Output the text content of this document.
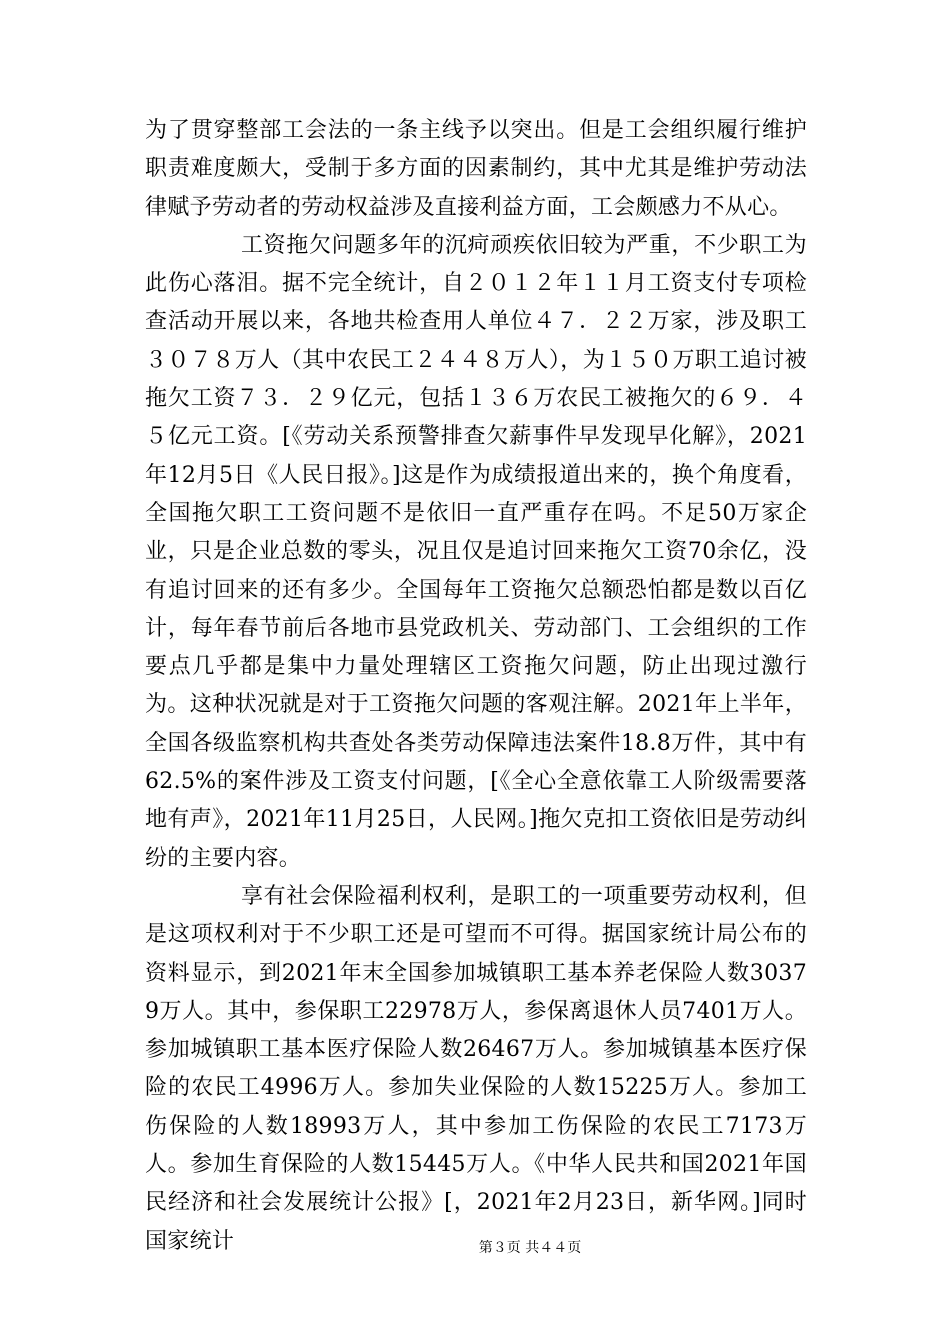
为了贯穿整部工会法的一条主线予以突出。但是工会组织履行维护职责难度颇大，受制于多方面的因素制约，其中尤其是维护劳动法律赋予劳动者的劳动权益涉及直接利益方面，工会颇感力不从心。

工资拖欠问题多年的沉疴顽疾依旧较为严重，不少职工为此伤心落泪。据不完全统计，自２０１２年１１月工资支付专项检查活动开展以来，各地共检查用人单位４７．２２万家，涉及职工３０７８万人（其中农民工２４４８万人），为１５０万职工追讨被拖欠工资７３．２９亿元，包括１３６万农民工被拖欠的６９．４５亿元工资。[《劳动关系预警排查欠薪事件早发现早化解》，2021年12月5日《人民日报》。]这是作为成绩报道出来的，换个角度看，全国拖欠职工工资问题不是依旧一直严重存在吗。不足50万家企业，只是企业总数的零头，况且仅是追讨回来拖欠工资70余亿，没有追讨回来的还有多少。全国每年工资拖欠总额恐怕都是数以百亿计，每年春节前后各地市县党政机关、劳动部门、工会组织的工作要点几乎都是集中力量处理辖区工资拖欠问题，防止出现过激行为。这种状况就是对于工资拖欠问题的客观注解。2021年上半年，全国各级监察机构共查处各类劳动保障违法案件18.8万件，其中有62.5%的案件涉及工资支付问题，[《全心全意依靠工人阶级需要落地有声》，2021年11月25日，人民网。]拖欠克扣工资依旧是劳动纠纷的主要内容。

享有社会保险福利权利，是职工的一项重要劳动权利，但是这项权利对于不少职工还是可望而不可得。据国家统计局公布的资料显示，到2021年末全国参加城镇职工基本养老保险人数30379万人。其中，参保职工22978万人，参保离退休人员7401万人。参加城镇职工基本医疗保险人数26467万人。参加城镇基本医疗保险的农民工4996万人。参加失业保险的人数15225万人。参加工伤保险的人数18993万人，其中参加工伤保险的农民工7173万人。参加生育保险的人数15445万人。《中华人民共和国2021年国民经济和社会发展统计公报》[，2021年2月23日，新华网。]同时国家统计	第３页 共４４页
